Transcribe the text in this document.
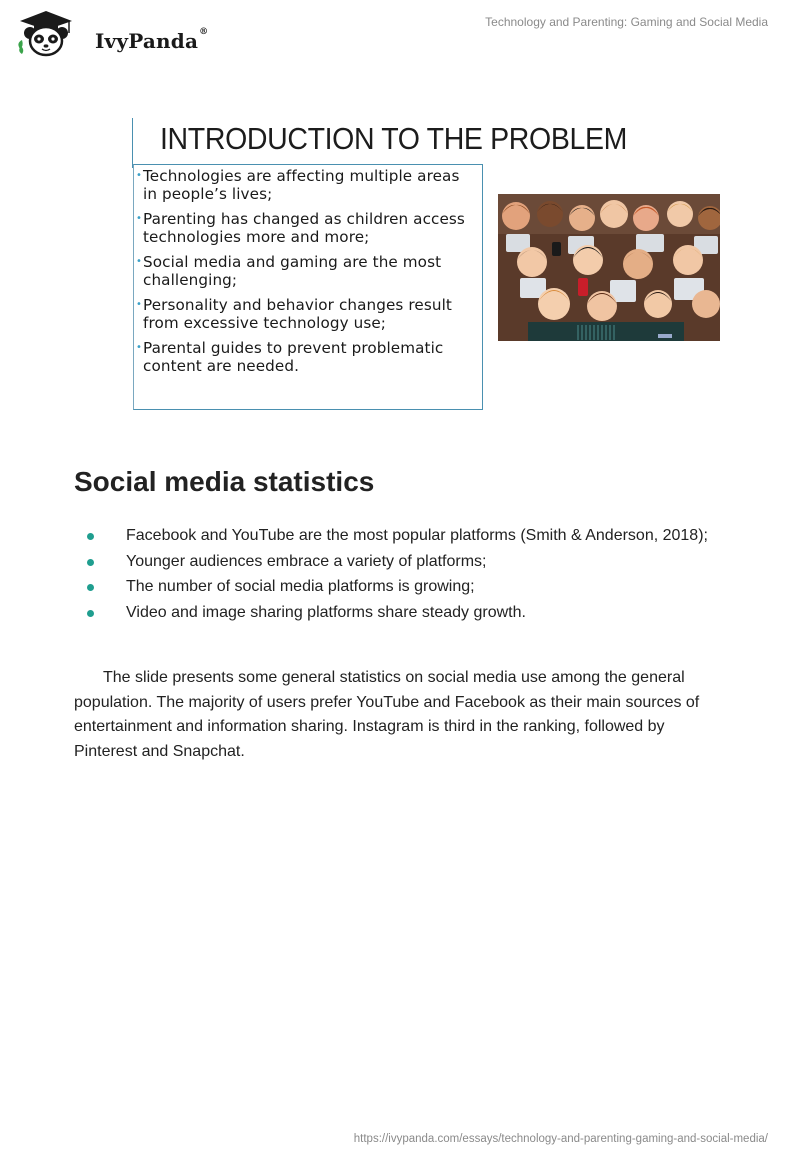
IvyPanda®
Technology and Parenting: Gaming and Social Media
INTRODUCTION TO THE PROBLEM
• Technologies are affecting multiple areas in people’s lives;
• Parenting has changed as children access technologies more and more;
• Social media and gaming are the most challenging;
• Personality and behavior changes result from excessive technology use;
• Parental guides to prevent problematic content are needed.
Social media statistics
Facebook and YouTube are the most popular platforms (Smith & Anderson, 2018);
Younger audiences embrace a variety of platforms;
The number of social media platforms is growing;
Video and image sharing platforms share steady growth.

The slide presents some general statistics on social media use among the general population. The majority of users prefer YouTube and Facebook as their main sources of entertainment and information sharing. Instagram is third in the ranking, followed by Pinterest and Snapchat.

https://ivypanda.com/essays/technology-and-parenting-gaming-and-social-media/
